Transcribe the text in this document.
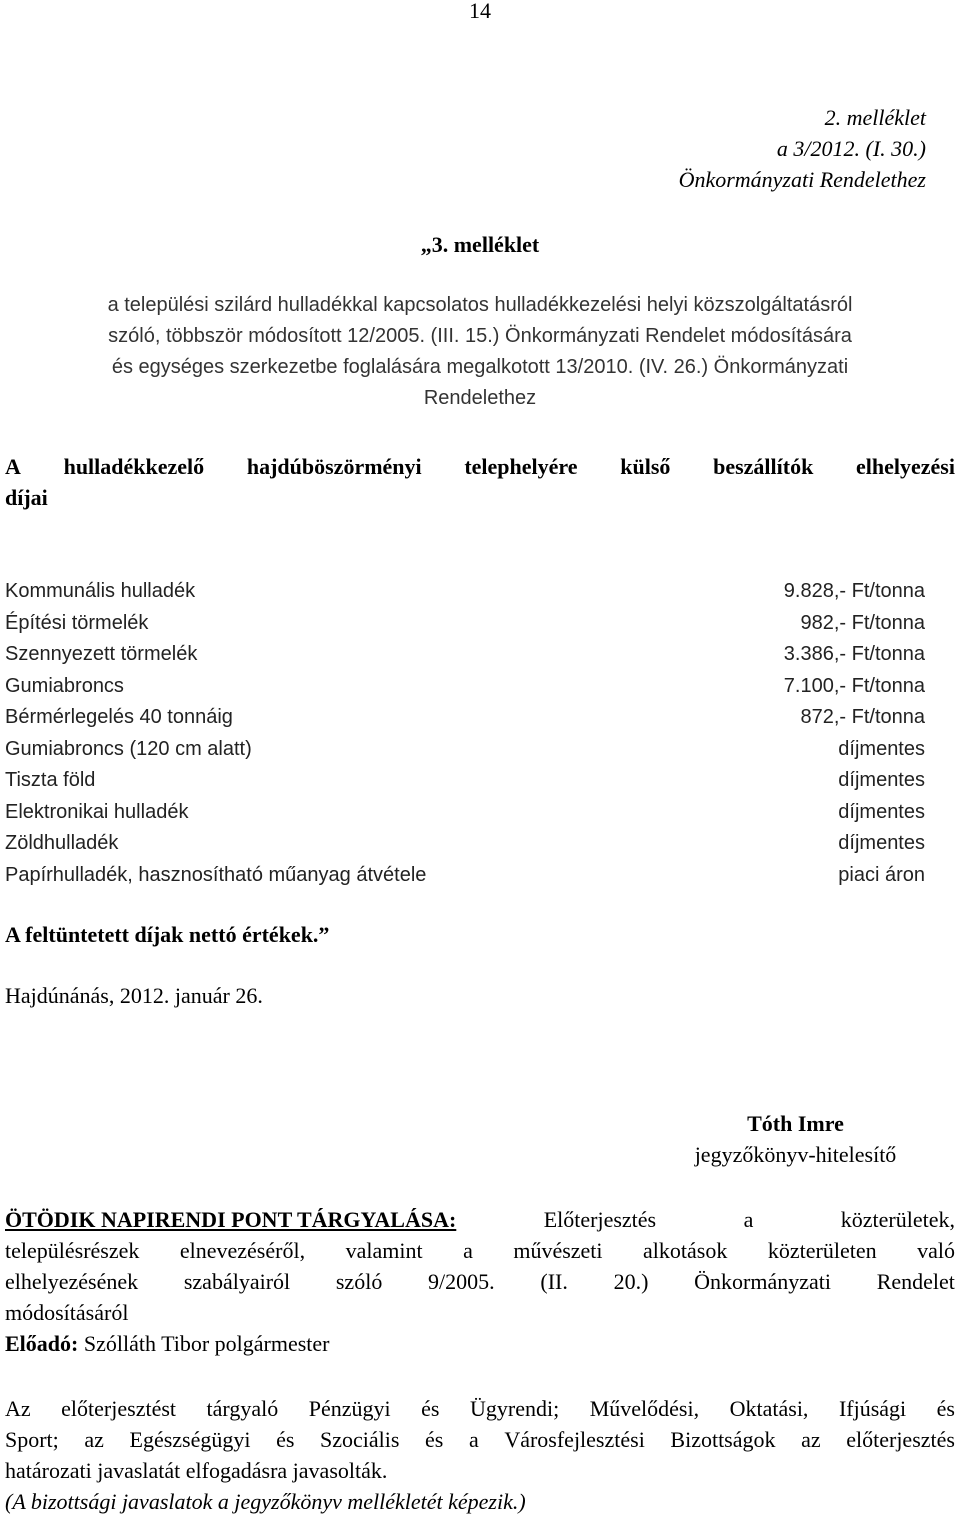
14
2. melléklet
a 3/2012. (I. 30.)
Önkormányzati Rendelethez
„3. melléklet
a települési szilárd hulladékkal kapcsolatos hulladékkezelési helyi közszolgáltatásról
szóló, többször módosított 12/2005. (III. 15.) Önkormányzati Rendelet módosítására
és egységes szerkezetbe foglalására megalkotott 13/2010. (IV. 26.) Önkormányzati
Rendelethez
A hulladékkezelő hajdúböszörményi telephelyére külső beszállítók elhelyezési
díjai
Kommunális hulladék	9.828,- Ft/tonna
Építési törmelék	982,- Ft/tonna
Szennyezett törmelék	3.386,- Ft/tonna
Gumiabroncs	7.100,- Ft/tonna
Bérmérlegelés 40 tonnáig	872,- Ft/tonna
Gumiabroncs (120 cm alatt)	díjmentes
Tiszta föld	díjmentes
Elektronikai hulladék	díjmentes
Zöldhulladék	díjmentes
Papírhulladék, hasznosítható műanyag átvétele	piaci áron
A feltüntetett díjak nettó értékek.”
Hajdúnánás, 2012. január 26.
Tóth Imre
jegyzőkönyv-hitelesítő
ÖTÖDIK NAPIRENDI PONT TÁRGYALÁSA:	Előterjesztés	a	közterületek,
településrészek elnevezéséről, valamint a művészeti alkotások közterületen való
elhelyezésének szabályairól szóló 9/2005. (II. 20.) Önkormányzati Rendelet
módosításáról
Előadó: Szólláth Tibor polgármester
Az előterjesztést tárgyaló Pénzügyi és Ügyrendi; Művelődési, Oktatási, Ifjúsági és
Sport; az Egészségügyi és Szociális és a Városfejlesztési Bizottságok az előterjesztés
határozati javaslatát elfogadásra javasolták.
(A bizottsági javaslatok a jegyzőkönyv mellékletét képezik.)
